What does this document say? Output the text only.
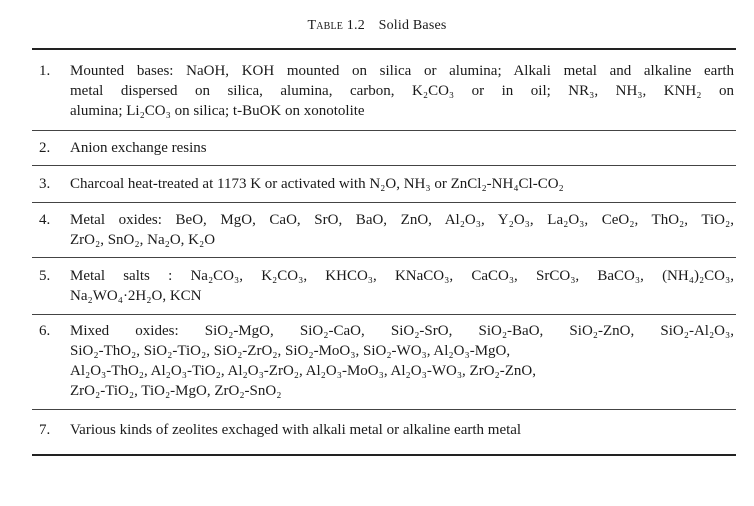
Table 1.2 Solid Bases
1.	Mounted bases: NaOH, KOH mounted on silica or alumina; Alkali metal and alkaline earth
metal dispersed on silica, alumina, carbon, K₂CO₃ or in oil; NR₃, NH₃, KNH₂ on
alumina; Li₂CO₃ on silica; t-BuOK on xonotolite
2.	Anion exchange resins
3.	Charcoal heat-treated at 1173 K or activated with N₂O, NH₃ or ZnCl₂-NH₄Cl-CO₂
4.	Metal oxides: BeO, MgO, CaO, SrO, BaO, ZnO, Al₂O₃, Y₂O₃, La₂O₃, CeO₂, ThO₂, TiO₂,
ZrO₂, SnO₂, Na₂O, K₂O
5.	Metal salts : Na₂CO₃, K₂CO₃, KHCO₃, KNaCO₃, CaCO₃, SrCO₃, BaCO₃, (NH₄)₂CO₃,
Na₂WO₄·2H₂O, KCN
6.	Mixed oxides: SiO₂-MgO, SiO₂-CaO, SiO₂-SrO, SiO₂-BaO, SiO₂-ZnO, SiO₂-Al₂O₃,
SiO₂-ThO₂, SiO₂-TiO₂, SiO₂-ZrO₂, SiO₂-MoO₃, SiO₂-WO₃, Al₂O₃-MgO,
Al₂O₃-ThO₂, Al₂O₃-TiO₂, Al₂O₃-ZrO₂, Al₂O₃-MoO₃, Al₂O₃-WO₃, ZrO₂-ZnO,
ZrO₂-TiO₂, TiO₂-MgO, ZrO₂-SnO₂
7.	Various kinds of zeolites exchaged with alkali metal or alkaline earth metal
